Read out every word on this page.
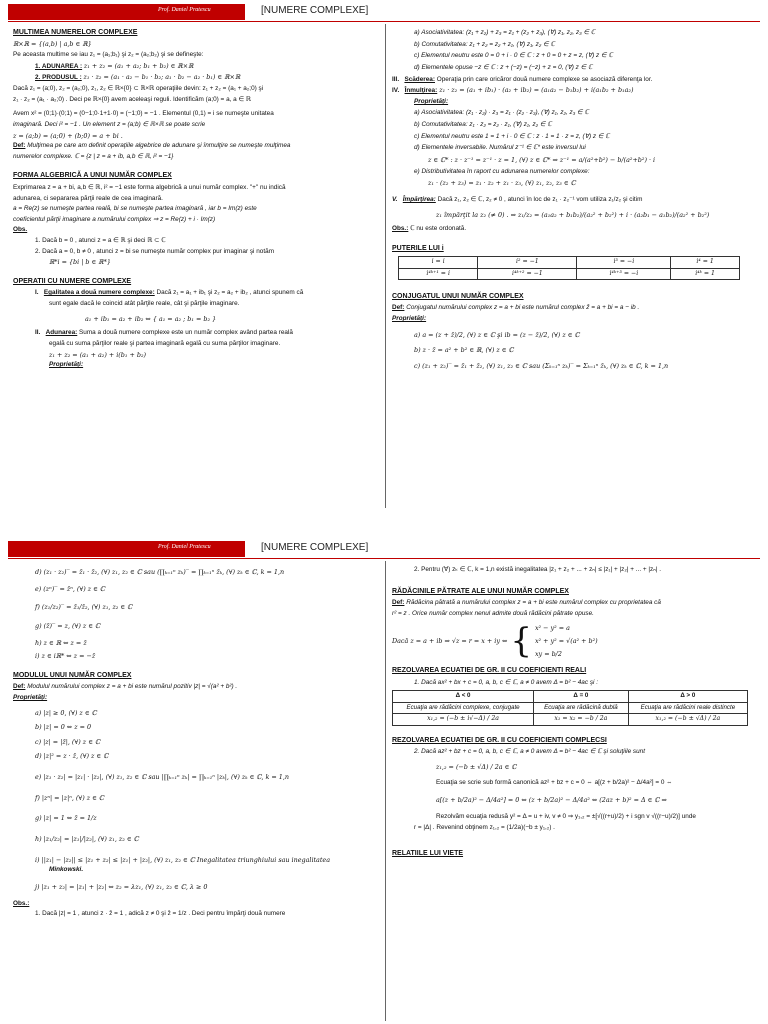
Prof. Daniel Pratescu	[NUMERE COMPLEXE]
MULTIMEA NUMERELOR COMPLEXE

ℝ×ℝ = {(a,b) | a,b ∈ ℝ}

Pe aceasta multime se iau z₁ = (a₁;b₁) şi z₂ = (a₂;b₂) şi se defineşte:

1. ADUNAREA : z₁ + z₂ = (a₁ + a₂; b₁ + b₂) ∈ ℝ×ℝ

2. PRODUSUL : z₁ · z₂ = (a₁ · a₂ − b₁ · b₂; a₁ · b₂ − a₂ · b₁) ∈ ℝ×ℝ

Dacă z₁ = (a;0), z₂ = (a₂;0), z₁, z₂ ∈ ℝ×{0} ⊂ ℝ×ℝ operaţiile devin: z₁ + z₂ = (a₁ + a₂;0) şi

z₁ · z₂ = (a₁ · a₂;0) . Deci pe ℝ×{0} avem aceleaşi reguli. Identificăm (a;0) = a, a ∈ ℝ

Avem x² = (0;1)·(0;1) = (0−1;0·1+1·0) = (−1;0) = −1 . Elementul (0,1) = i se numeşte unitatea

imaginară. Deci i² = −1 . Un element z = (a;b) ∈ ℝ×ℝ se poate scrie

z = (a;b) = (a;0) + (b;0) = a + bi .

Def: Mulţimea pe care am definit operaţiile algebrice de adunare şi înmulţire se numeşte mulţimea

numerelor complexe. ℂ = {z | z = a + ib, a,b ∈ ℝ, i² = −1}

FORMA ALGEBRICĂ A UNUI NUMĂR COMPLEX

Exprimarea z = a + bi, a,b ∈ ℝ, i² = −1 este forma algebrică a unui număr complex. "+" nu indică

adunarea, ci separarea părţii reale de cea imaginară.

a = Re(z) se numeşte partea reală, bi se numeşte partea imaginară , iar b = Im(z) este

coeficientul părţii imaginare a numărului complex ⇒ z = Re(z) + i · Im(z)

Obs.

1. Dacă b = 0 , atunci z = a ∈ ℝ şi deci ℝ ⊂ ℂ

2. Dacă a = 0, b ≠ 0 , atunci z = bi se numeşte număr complex pur imaginar şi notăm

ℝ*i = {bi | b ∈ ℝ*}

OPERATII CU NUMERE COMPLEXE

I. Egalitatea a două numere complexe: Dacă z₁ = a₁ + ib₁ şi z₂ = a₂ + ib₂ , atunci spunem că

sunt egale dacă le coincid atât părţile reale, cât şi părţile imaginare.

a₁ + ib₁ = a₂ + ib₂ ⇔ { a₁ = a₂ ; b₁ = b₂ }

II. Adunarea: Suma a două numere complexe este un număr complex având partea reală

egală cu suma părţilor reale şi partea imaginară egală cu suma părţilor imaginare.

z₁ + z₂ = (a₁ + a₂) + i(b₁ + b₂)

Proprietăţi:

a) Asociativitatea: (z₁ + z₂) + z₃ = z₁ + (z₂ + z₃), (∀) z₁, z₂, z₃ ∈ ℂ

b) Comutativitatea: z₁ + z₂ = z₂ + z₁, (∀) z₁, z₂ ∈ ℂ

c) Elementul neutru este 0 = 0 + i · 0 ∈ ℂ : z + 0 = 0 + z = z, (∀) z ∈ ℂ

d) Elementele opuse −z ∈ ℂ : z + (−z) = (−z) + z = 0, (∀) z ∈ ℂ

III. Scăderea: Operaţia prin care oricăror două numere complexe se asociază diferenţa lor.

IV. Înmulţirea: z₁ · z₂ = (a₁ + ib₁) · (a₂ + ib₂) = (a₁a₂ − b₁b₂) + i(a₁b₂ + b₁a₂)

Proprietăţi:

a) Asociativitatea: (z₁ · z₂) · z₃ = z₁ · (z₂ · z₃), (∀) z₁, z₂, z₃ ∈ ℂ

b) Comutativitatea: z₁ · z₂ = z₂ · z₁, (∀) z₁, z₂ ∈ ℂ

c) Elementul neutru este 1 = 1 + i · 0 ∈ ℂ : z · 1 = 1 · z = z, (∀) z ∈ ℂ

d) Elementele inversabile. Numărul z⁻¹ ∈ ℂ* este inversul lui

z ∈ ℂ* : z · z⁻¹ = z⁻¹ · z = 1, (∀) z ∈ ℂ* ⇒ z⁻¹ = a/(a²+b²) − b/(a²+b²) · i

e) Distributivitatea în raport cu adunarea numerelor complexe:

z₁ · (z₂ + z₃) = z₁ · z₂ + z₁ · z₃, (∀) z₁, z₂, z₃ ∈ ℂ

V. Împărţirea: Dacă z₁, z₂ ∈ ℂ, z₂ ≠ 0 , atunci în loc de z₁ · z₂⁻¹ vom utiliza z₁/z₂ şi citim

z₁ împărţit la z₂ (≠ 0) . ⇒ z₁/z₂ = (a₁a₂ + b₁b₂)/(a₂² + b₂²) + i · (a₂b₁ − a₁b₂)/(a₂² + b₂²)

Obs.: ℂ nu este ordonată.

PUTERILE LUI i
i = i	i² = −1	i³ = −i	i⁴ = 1
i⁴ᵏ⁺¹ = i	i⁴ᵏ⁺² = −1	i⁴ᵏ⁺³ = −i	i⁴ᵏ = 1
CONJUGATUL UNUI NUMĂR COMPLEX

Def: Conjugatul numărului complex z = a + bi este numărul complex z̄ = a + bi = a − ib .

Proprietăţi:

a) a = (z + z̄)/2, (∀) z ∈ ℂ şi ib = (z − z̄)/2, (∀) z ∈ ℂ

b) z · z̄ = a² + b² ∈ ℝ, (∀) z ∈ ℂ

c) (z₁ + z₂)‾ = z̄₁ + z̄₂, (∀) z₁, z₂ ∈ ℂ sau (Σₖ₌₁ⁿ zₖ)‾ = Σₖ₌₁ⁿ z̄ₖ, (∀) zₖ ∈ ℂ, k = 1,n

Prof. Daniel Pratescu	[NUMERE COMPLEXE]

d) (z₁ · z₂)‾ = z̄₁ · z̄₂, (∀) z₁, z₂ ∈ ℂ sau (∏ₖ₌₁ⁿ zₖ)‾ = ∏ₖ₌₁ⁿ z̄ₖ, (∀) zₖ ∈ ℂ, k = 1,n

e) (zⁿ)‾ = z̄ⁿ, (∀) z ∈ ℂ

f) (z₁/z₂)‾ = z̄₁/z̄₂, (∀) z₁, z₂ ∈ ℂ

g) (z̄)‾ = z, (∀) z ∈ ℂ

h) z ∈ ℝ ⇔ z = z̄

i) z ∈ iℝ* ⇔ z = −z̄

MODULUL UNUI NUMĂR COMPLEX

Def: Modulul numărului complex z = a + bi este numărul pozitiv |z| = √(a² + b²) .

Proprietăţi:

a) |z| ≥ 0, (∀) z ∈ ℂ

b) |z| = 0 ⇔ z = 0

c) |z| = |z̄|, (∀) z ∈ ℂ

d) |z|² = z · z̄, (∀) z ∈ ℂ

e) |z₁ · z₂| = |z₁| · |z₂|, (∀) z₁, z₂ ∈ ℂ sau |∏ₖ₌₁ⁿ zₖ| = ∏ₖ₌₁ⁿ |zₖ|, (∀) zₖ ∈ ℂ, k = 1,n

f) |zⁿ| = |z|ⁿ, (∀) z ∈ ℂ

g) |z| = 1 ⇔ z̄ = 1/z

h) |z₁/z₂| = |z₁|/|z₂|, (∀) z₁, z₂ ∈ ℂ

i) ||z₁| − |z₂|| ≤ |z₁ + z₂| ≤ |z₁| + |z₂|, (∀) z₁, z₂ ∈ ℂ Inegalitatea triunghiului sau inegalitatea

Minkowski.

j) |z₁ + z₂| = |z₁| + |z₂| ⇔ z₂ = λz₁, (∀) z₁, z₂ ∈ ℂ, λ ≥ 0

Obs.:

1. Dacă |z| = 1 , atunci z · z̄ = 1 , adică z ≠ 0 şi z̄ = 1/z . Deci pentru împărţi două numere

2. Pentru (∀) zₖ ∈ ℂ, k = 1,n există inegalitatea |z₁ + z₂ + ... + zₙ| ≤ |z₁| + |z₂| + ... + |zₙ| .

RĂDĂCINILE PĂTRATE ALE UNUI NUMĂR COMPLEX

Def: Rădăcina pătrată a numărului complex z = a + bi este numărul complex cu proprietatea că

r² = z . Orice număr complex nenul admite două rădăcini pătrate opuse.

Dacă z = a + ib ⇒ √z = r = x + iy ⇔ { x² − y² = a
x² + y² = √(a² + b²)
xy = b/2
REZOLVAREA ECUATIEI DE GR. II CU COEFICIENTI REALI

1. Dacă ax² + bx + c = 0, a, b, c ∈ ℂ, a ≠ 0 avem Δ = b² − 4ac şi :

Δ < 0	Δ = 0	Δ > 0
Ecuaţia are rădăcini complexe, conjugate	Ecuaţia are rădăcină dublă	Ecuaţia are rădăcini reale distincte
x₁,₂ = (−b ± i√−Δ) / 2a	x₁ = x₂ = −b / 2a	x₁,₂ = (−b ± √Δ) / 2a
REZOLVAREA ECUATIEI DE GR. II CU COEFICIENTI COMPLECSI

2. Dacă az² + bz + c = 0, a, b, c ∈ ℂ, a ≠ 0 avem Δ = b² − 4ac ∈ ℂ şi soluţiile sunt

z₁,₂ = (−b ± √Δ) / 2a ∈ ℂ

Ecuaţia se scrie sub formă canonică az² + bz + c = 0 ⇔ a[(z + b/2a)² − Δ/4a²] = 0 ⇔

a[(z + b/2a)² − Δ/4a²] = 0 ⇔ (z + b/2a)² − Δ/4a² ⇔ (2az + b)² = Δ ∈ ℂ ⇒

Rezolvăm ecuaţia redusă y² = Δ = u + iv, v ≠ 0 ⇒ y₁,₂ = ±[√((r+u)/2) + i sgn v √((r−u)/2)] unde

r = |Δ| . Revenind obţinem z₁,₂ = (1/2a)(−b ± y₁,₂) .

RELATIILE LUI VIETE
